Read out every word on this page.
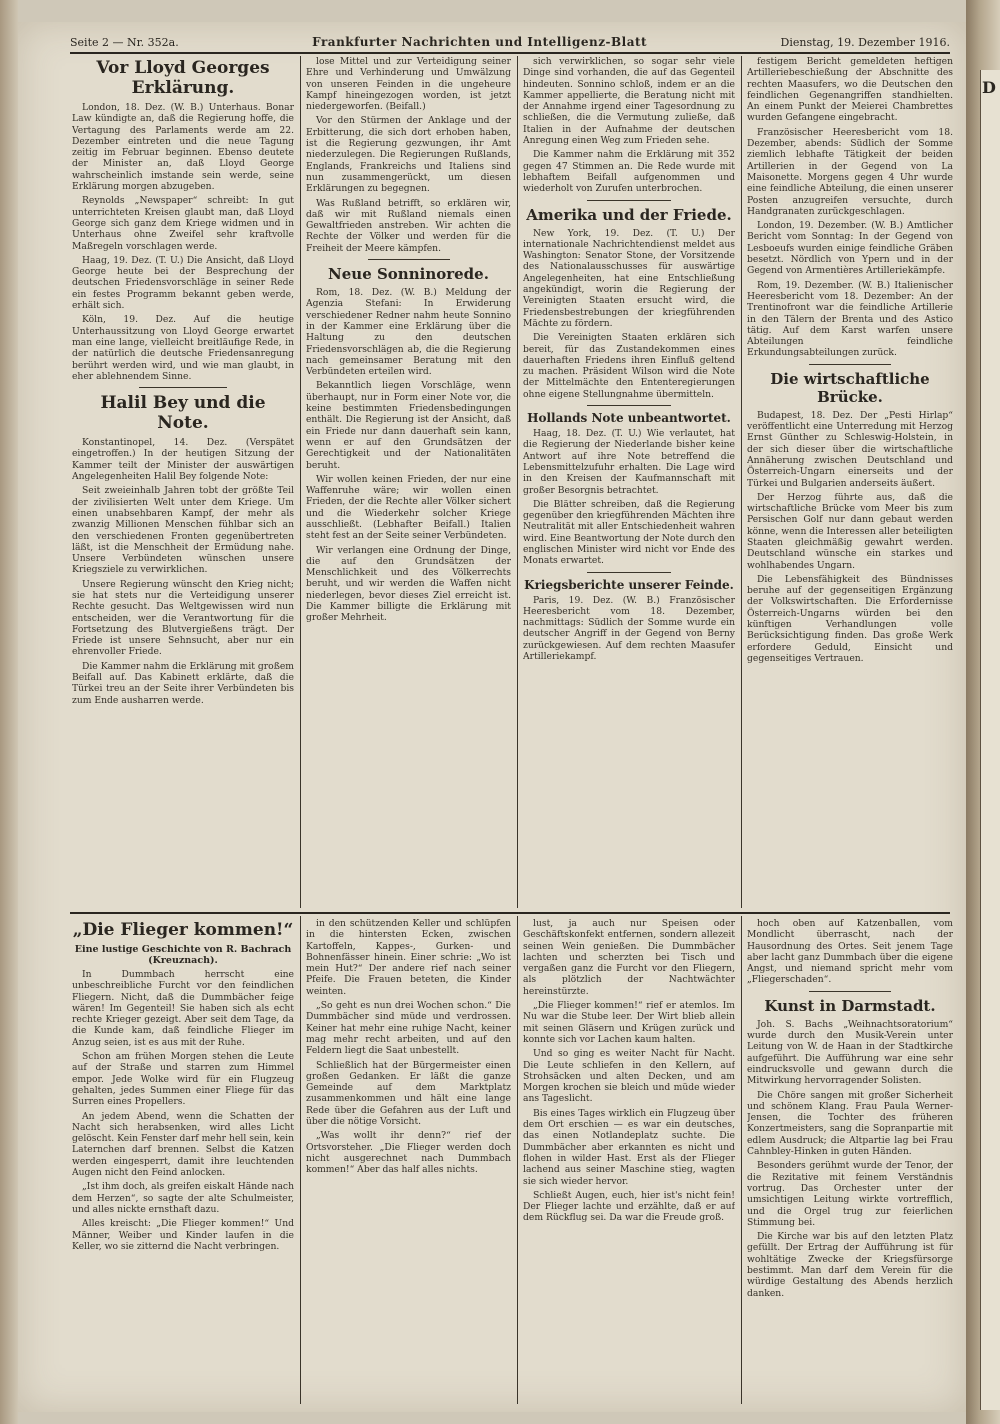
D
Seite 2 — Nr. 352a.	Frankfurter Nachrichten und Intelligenz-Blatt	Dienstag, 19. Dezember 1916.
Vor Lloyd Georges Erklärung.

London, 18. Dez. (W. B.) Unterhaus. Bonar Law kündigte an, daß die Regierung hoffe, die Vertagung des Parlaments werde am 22. Dezember eintreten und die neue Tagung zeitig im Februar beginnen. Ebenso deutete der Minister an, daß Lloyd George wahrscheinlich imstande sein werde, seine Erklärung morgen abzugeben.

Reynolds „Newspaper“ schreibt: In gut unterrichteten Kreisen glaubt man, daß Lloyd George sich ganz dem Kriege widmen und in Unterhaus ohne Zweifel sehr kraftvolle Maßregeln vorschlagen werde.

Haag, 19. Dez. (T. U.) Die Ansicht, daß Lloyd George heute bei der Besprechung der deutschen Friedensvorschläge in seiner Rede ein festes Programm bekannt geben werde, erhält sich.

Köln, 19. Dez. Auf die heutige Unterhaussitzung von Lloyd George erwartet man eine lange, vielleicht breitläufige Rede, in der natürlich die deutsche Friedensanregung berührt werden wird, und wie man glaubt, in eher ablehnendem Sinne.

Halil Bey und die Note.

Konstantinopel, 14. Dez. (Verspätet eingetroffen.) In der heutigen Sitzung der Kammer teilt der Minister der auswärtigen Angelegenheiten Halil Bey folgende Note:

Seit zweieinhalb Jahren tobt der größte Teil der zivilisierten Welt unter dem Kriege. Um einen unabsehbaren Kampf, der mehr als zwanzig Millionen Menschen fühlbar sich an den verschiedenen Fronten gegenübertreten läßt, ist die Menschheit der Ermüdung nahe. Unsere Verbündeten wünschen unsere Kriegsziele zu verwirklichen.

Unsere Regierung wünscht den Krieg nicht; sie hat stets nur die Verteidigung unserer Rechte gesucht. Das Weltgewissen wird nun entscheiden, wer die Verantwortung für die Fortsetzung des Blutvergießens trägt. Der Friede ist unsere Sehnsucht, aber nur ein ehrenvoller Friede.

Die Kammer nahm die Erklärung mit großem Beifall auf. Das Kabinett erklärte, daß die Türkei treu an der Seite ihrer Verbündeten bis zum Ende ausharren werde.

lose Mittel und zur Verteidigung seiner Ehre und Verhinderung und Umwälzung von unseren Feinden in die ungeheure Kampf hineingezogen worden, ist jetzt niedergeworfen. (Beifall.)

Vor den Stürmen der Anklage und der Erbitterung, die sich dort erhoben haben, ist die Regierung gezwungen, ihr Amt niederzulegen. Die Regierungen Rußlands, Englands, Frankreichs und Italiens sind nun zusammengerückt, um diesen Erklärungen zu begegnen.

Was Rußland betrifft, so erklären wir, daß wir mit Rußland niemals einen Gewaltfrieden anstreben. Wir achten die Rechte der Völker und werden für die Freiheit der Meere kämpfen.

Neue Sonninorede.

Rom, 18. Dez. (W. B.) Meldung der Agenzia Stefani: In Erwiderung verschiedener Redner nahm heute Sonnino in der Kammer eine Erklärung über die Haltung zu den deutschen Friedensvorschlägen ab, die die Regierung nach gemeinsamer Beratung mit den Verbündeten erteilen wird.

Bekanntlich liegen Vorschläge, wenn überhaupt, nur in Form einer Note vor, die keine bestimmten Friedensbedingungen enthält. Die Regierung ist der Ansicht, daß ein Friede nur dann dauerhaft sein kann, wenn er auf den Grundsätzen der Gerechtigkeit und der Nationalitäten beruht.

Wir wollen keinen Frieden, der nur eine Waffenruhe wäre; wir wollen einen Frieden, der die Rechte aller Völker sichert und die Wiederkehr solcher Kriege ausschließt. (Lebhafter Beifall.) Italien steht fest an der Seite seiner Verbündeten.

Wir verlangen eine Ordnung der Dinge, die auf den Grundsätzen der Menschlichkeit und des Völkerrechts beruht, und wir werden die Waffen nicht niederlegen, bevor dieses Ziel erreicht ist. Die Kammer billigte die Erklärung mit großer Mehrheit.

sich verwirklichen, so sogar sehr viele Dinge sind vorhanden, die auf das Gegenteil hindeuten. Sonnino schloß, indem er an die Kammer appellierte, die Beratung nicht mit der Annahme irgend einer Tagesordnung zu schließen, die die Vermutung zuließe, daß Italien in der Aufnahme der deutschen Anregung einen Weg zum Frieden sehe.

Die Kammer nahm die Erklärung mit 352 gegen 47 Stimmen an. Die Rede wurde mit lebhaftem Beifall aufgenommen und wiederholt von Zurufen unterbrochen.

Amerika und der Friede.

New York, 19. Dez. (T. U.) Der internationale Nachrichtendienst meldet aus Washington: Senator Stone, der Vorsitzende des Nationalausschusses für auswärtige Angelegenheiten, hat eine Entschließung angekündigt, worin die Regierung der Vereinigten Staaten ersucht wird, die Friedensbestrebungen der kriegführenden Mächte zu fördern.

Die Vereinigten Staaten erklären sich bereit, für das Zustandekommen eines dauerhaften Friedens ihren Einfluß geltend zu machen. Präsident Wilson wird die Note der Mittelmächte den Ententeregierungen ohne eigene Stellungnahme übermitteln.

Hollands Note unbeantwortet.

Haag, 18. Dez. (T. U.) Wie verlautet, hat die Regierung der Niederlande bisher keine Antwort auf ihre Note betreffend die Lebensmittelzufuhr erhalten. Die Lage wird in den Kreisen der Kaufmannschaft mit großer Besorgnis betrachtet.

Die Blätter schreiben, daß die Regierung gegenüber den kriegführenden Mächten ihre Neutralität mit aller Entschiedenheit wahren wird. Eine Beantwortung der Note durch den englischen Minister wird nicht vor Ende des Monats erwartet.

Kriegsberichte unserer Feinde.

Paris, 19. Dez. (W. B.) Französischer Heeresbericht vom 18. Dezember, nachmittags: Südlich der Somme wurde ein deutscher Angriff in der Gegend von Berny zurückgewiesen. Auf dem rechten Maasufer Artilleriekampf.

festigem Bericht gemeldeten heftigen Artilleriebeschießung der Abschnitte des rechten Maasufers, wo die Deutschen den feindlichen Gegenangriffen standhielten. An einem Punkt der Meierei Chambrettes wurden Gefangene eingebracht.

Französischer Heeresbericht vom 18. Dezember, abends: Südlich der Somme ziemlich lebhafte Tätigkeit der beiden Artillerien in der Gegend von La Maisonette. Morgens gegen 4 Uhr wurde eine feindliche Abteilung, die einen unserer Posten anzugreifen versuchte, durch Handgranaten zurückgeschlagen.

London, 19. Dezember. (W. B.) Amtlicher Bericht vom Sonntag: In der Gegend von Lesboeufs wurden einige feindliche Gräben besetzt. Nördlich von Ypern und in der Gegend von Armentières Artilleriekämpfe.

Rom, 19. Dezember. (W. B.) Italienischer Heeresbericht vom 18. Dezember: An der Trentinofront war die feindliche Artillerie in den Tälern der Brenta und des Astico tätig. Auf dem Karst warfen unsere Abteilungen feindliche Erkundungsabteilungen zurück.

Die wirtschaftliche Brücke.

Budapest, 18. Dez. Der „Pesti Hirlap“ veröffentlicht eine Unterredung mit Herzog Ernst Günther zu Schleswig-Holstein, in der sich dieser über die wirtschaftliche Annäherung zwischen Deutschland und Österreich-Ungarn einerseits und der Türkei und Bulgarien anderseits äußert.

Der Herzog führte aus, daß die wirtschaftliche Brücke vom Meer bis zum Persischen Golf nur dann gebaut werden könne, wenn die Interessen aller beteiligten Staaten gleichmäßig gewahrt werden. Deutschland wünsche ein starkes und wohlhabendes Ungarn.

Die Lebensfähigkeit des Bündnisses beruhe auf der gegenseitigen Ergänzung der Volkswirtschaften. Die Erfordernisse Österreich-Ungarns würden bei den künftigen Verhandlungen volle Berücksichtigung finden. Das große Werk erfordere Geduld, Einsicht und gegenseitiges Vertrauen.

„Die Flieger kommen!“
Eine lustige Geschichte von R. Bachrach (Kreuznach).

In Dummbach herrscht eine unbeschreibliche Furcht vor den feindlichen Fliegern. Nicht, daß die Dummbächer feige wären! Im Gegenteil! Sie haben sich als echt rechte Krieger gezeigt. Aber seit dem Tage, da die Kunde kam, daß feindliche Flieger im Anzug seien, ist es aus mit der Ruhe.

Schon am frühen Morgen stehen die Leute auf der Straße und starren zum Himmel empor. Jede Wolke wird für ein Flugzeug gehalten, jedes Summen einer Fliege für das Surren eines Propellers.

An jedem Abend, wenn die Schatten der Nacht sich herabsenken, wird alles Licht gelöscht. Kein Fenster darf mehr hell sein, kein Laternchen darf brennen. Selbst die Katzen werden eingesperrt, damit ihre leuchtenden Augen nicht den Feind anlocken.

„Ist ihm doch, als greifen eiskalt Hände nach dem Herzen“, so sagte der alte Schulmeister, und alles nickte ernsthaft dazu.

Alles kreischt: „Die Flieger kommen!“ Und Männer, Weiber und Kinder laufen in die Keller, wo sie zitternd die Nacht verbringen.

in den schützenden Keller und schlüpfen in die hintersten Ecken, zwischen Kartoffeln, Kappes-, Gurken- und Bohnenfässer hinein. Einer schrie: „Wo ist mein Hut?“ Der andere rief nach seiner Pfeife. Die Frauen beteten, die Kinder weinten.

„So geht es nun drei Wochen schon.“ Die Dummbächer sind müde und verdrossen. Keiner hat mehr eine ruhige Nacht, keiner mag mehr recht arbeiten, und auf den Feldern liegt die Saat unbestellt.

Schließlich hat der Bürgermeister einen großen Gedanken. Er läßt die ganze Gemeinde auf dem Marktplatz zusammenkommen und hält eine lange Rede über die Gefahren aus der Luft und über die nötige Vorsicht.

„Was wollt ihr denn?“ rief der Ortsvorsteher. „Die Flieger werden doch nicht ausgerechnet nach Dummbach kommen!“ Aber das half alles nichts.

lust, ja auch nur Speisen oder Geschäftskonfekt entfernen, sondern allezeit seinen Wein genießen. Die Dummbächer lachten und scherzten bei Tisch und vergaßen ganz die Furcht vor den Fliegern, als plötzlich der Nachtwächter hereinstürzte.

„Die Flieger kommen!“ rief er atemlos. Im Nu war die Stube leer. Der Wirt blieb allein mit seinen Gläsern und Krügen zurück und konnte sich vor Lachen kaum halten.

Und so ging es weiter Nacht für Nacht. Die Leute schliefen in den Kellern, auf Strohsäcken und alten Decken, und am Morgen krochen sie bleich und müde wieder ans Tageslicht.

Bis eines Tages wirklich ein Flugzeug über dem Ort erschien — es war ein deutsches, das einen Notlandeplatz suchte. Die Dummbächer aber erkannten es nicht und flohen in wilder Hast. Erst als der Flieger lachend aus seiner Maschine stieg, wagten sie sich wieder hervor.

Schließt Augen, euch, hier ist's nicht fein! Der Flieger lachte und erzählte, daß er auf dem Rückflug sei. Da war die Freude groß.

hoch oben auf Katzenballen, vom Mondlicht überrascht, nach der Hausordnung des Ortes. Seit jenem Tage aber lacht ganz Dummbach über die eigene Angst, und niemand spricht mehr vom „Fliegerschaden“.

Kunst in Darmstadt.

Joh. S. Bachs „Weihnachtsoratorium“ wurde durch den Musik-Verein unter Leitung von W. de Haan in der Stadtkirche aufgeführt. Die Aufführung war eine sehr eindrucksvolle und gewann durch die Mitwirkung hervorragender Solisten.

Die Chöre sangen mit großer Sicherheit und schönem Klang. Frau Paula Werner-Jensen, die Tochter des früheren Konzertmeisters, sang die Sopranpartie mit edlem Ausdruck; die Altpartie lag bei Frau Cahnbley-Hinken in guten Händen.

Besonders gerühmt wurde der Tenor, der die Rezitative mit feinem Verständnis vortrug. Das Orchester unter der umsichtigen Leitung wirkte vortrefflich, und die Orgel trug zur feierlichen Stimmung bei.

Die Kirche war bis auf den letzten Platz gefüllt. Der Ertrag der Aufführung ist für wohltätige Zwecke der Kriegsfürsorge bestimmt. Man darf dem Verein für die würdige Gestaltung des Abends herzlich danken.
